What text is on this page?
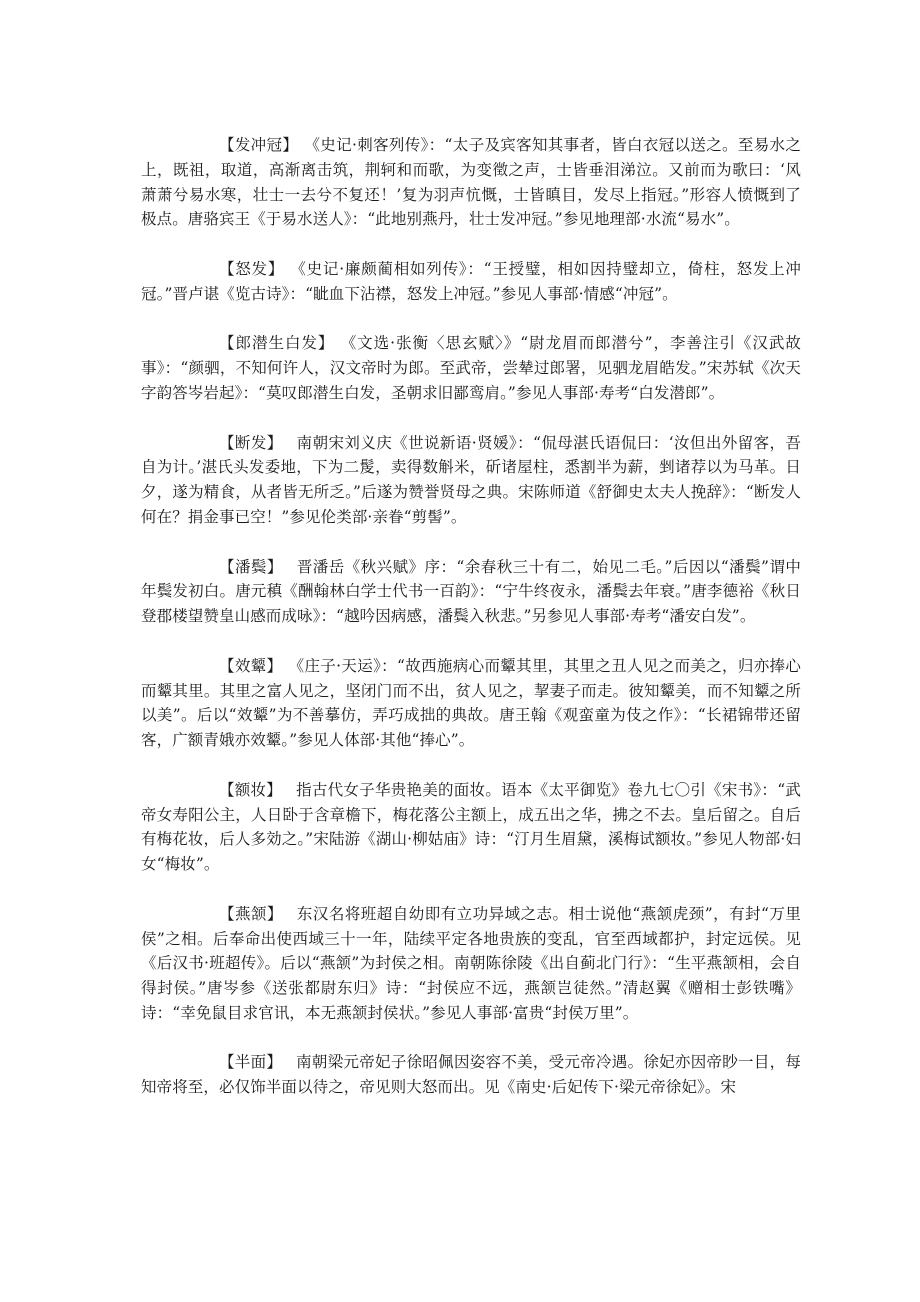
【发冲冠】 《史记·刺客列传》：“太子及宾客知其事者，皆白衣冠以送之。至易水之上，既祖，取道，高渐离击筑，荆轲和而歌，为变徵之声，士皆垂泪涕泣。又前而为歌曰：‘风萧萧兮易水寒，壮士一去兮不复还！’复为羽声忼慨，士皆瞋目，发尽上指冠。”形容人愤慨到了极点。唐骆宾王《于易水送人》：“此地别燕丹，壮士发冲冠。”参见地理部·水流“易水”。

【怒发】 《史记·廉颇蔺相如列传》：“王授璧，相如因持璧却立，倚柱，怒发上冲冠。”晋卢谌《览古诗》：“眦血下沾襟，怒发上冲冠。”参见人事部·情感“冲冠”。

【郎潜生白发】 《文选·张衡〈思玄赋〉》“尉龙眉而郎潜兮”，李善注引《汉武故事》：“颜驷，不知何许人，汉文帝时为郎。至武帝，尝辇过郎署，见驷龙眉皓发。”宋苏轼《次天字韵答岑岩起》：“莫叹郎潜生白发，圣朝求旧鄙鸾肩。”参见人事部·寿考“白发潜郎”。

【断发】 南朝宋刘义庆《世说新语·贤媛》：“侃母湛氏语侃曰：‘汝但出外留客，吾自为计。’湛氏头发委地，下为二髲，卖得数斛米，斫诸屋柱，悉割半为薪，剉诸荐以为马革。日夕，遂为精食，从者皆无所乏。”后遂为赞誉贤母之典。宋陈师道《舒御史太夫人挽辞》：“断发人何在？捐金事已空！”参见伦类部·亲眷“剪髻”。

【潘鬓】 晋潘岳《秋兴赋》序：“余春秋三十有二，始见二毛。”后因以“潘鬓”谓中年鬓发初白。唐元稹《酬翰林白学士代书一百韵》：“宁牛终夜永，潘鬓去年衰。”唐李德裕《秋日登郡楼望赞皇山感而成咏》：“越吟因病感，潘鬓入秋悲。”另参见人事部·寿考“潘安白发”。

【效颦】 《庄子·天运》：“故西施病心而颦其里，其里之丑人见之而美之，归亦捧心而颦其里。其里之富人见之，坚闭门而不出，贫人见之，挈妻子而走。彼知颦美，而不知颦之所以美”。后以“效颦”为不善摹仿，弄巧成拙的典故。唐王翰《观蛮童为伎之作》：“长裙锦带还留客，广额青娥亦效颦。”参见人体部·其他“捧心”。

【额妆】 指古代女子华贵艳美的面妆。语本《太平御览》卷九七〇引《宋书》：“武帝女寿阳公主，人日卧于含章檐下，梅花落公主额上，成五出之华，拂之不去。皇后留之。自后有梅花妆，后人多効之。”宋陆游《湖山·柳姑庙》诗：“汀月生眉黛，溪梅试额妆。”参见人物部·妇女“梅妆”。

【燕颔】 东汉名将班超自幼即有立功异域之志。相士说他“燕颔虎颈”，有封“万里侯”之相。后奉命出使西域三十一年，陆续平定各地贵族的变乱，官至西域都护，封定远侯。见《后汉书·班超传》。后以“燕颔”为封侯之相。南朝陈徐陵《出自蓟北门行》：“生平燕颔相，会自得封侯。”唐岑参《送张都尉东归》诗：“封侯应不远，燕颔岂徒然。”清赵翼《赠相士彭铁嘴》诗：“幸免鼠目求官讯，本无燕颔封侯状。”参见人事部·富贵“封侯万里”。

【半面】 南朝梁元帝妃子徐昭佩因姿容不美，受元帝冷遇。徐妃亦因帝眇一目，每知帝将至，必仅饰半面以待之，帝见则大怒而出。见《南史·后妃传下·梁元帝徐妃》。宋
